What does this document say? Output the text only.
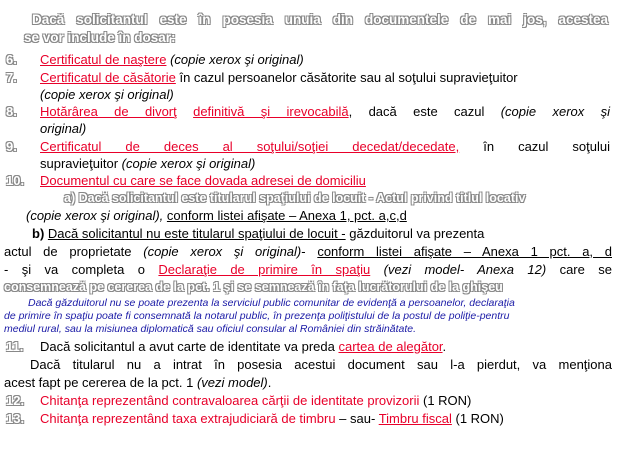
Dacă solicitantul este în posesia unuia din documentele de mai jos, acestea
se vor include în dosar:
6. Certificatul de naştere (copie xerox şi original)
7. Certificatul de căsătorie în cazul persoanelor căsătorite sau al soţului supravieţuitor
(copie xerox şi original)
8. Hotărârea de divorţ definitivă şi irevocabilă, dacă este cazul (copie xerox şi
original)
9. Certificatul de deces al soţului/soţiei decedat/decedate, în cazul soţului
supravieţuitor (copie xerox şi original)
10. Documentul cu care se face dovada adresei de domiciliu
a) Dacă solicitantul este titularul spaţiului de locuit - Actul privind titlul locativ
(copie xerox şi original), conform listei afişate – Anexa 1, pct. a,c,d
b) Dacă solicitantul nu este titularul spaţiului de locuit - găzduitorul va prezenta
actul de proprietate (copie xerox şi original)- conform listei afişate – Anexa 1 pct. a, d
- şi va completa o Declaraţie de primire în spaţiu (vezi model- Anexa 12) care se
consemnează pe cererea de la pct. 1 şi se semnează în faţa lucrătorului de la ghişeu
Dacă găzduitorul nu se poate prezenta la serviciul public comunitar de evidenţă a persoanelor, declaraţia
de primire în spaţiu poate fi consemnată la notarul public, în prezenţa poliţistului de la postul de poliţie-pentru
mediul rural, sau la misiunea diplomatică sau oficiul consular al României din străinătate.
11. Dacă solicitantul a avut carte de identitate va preda cartea de alegător.
Dacă titularul nu a intrat în posesia acestui document sau l-a pierdut, va menţiona
acest fapt pe cererea de la pct. 1 (vezi model).
12. Chitanţa reprezentând contravaloarea cărţii de identitate provizorii (1 RON)
13. Chitanţa reprezentând taxa extrajudiciară de timbru – sau- Timbru fiscal (1 RON)
